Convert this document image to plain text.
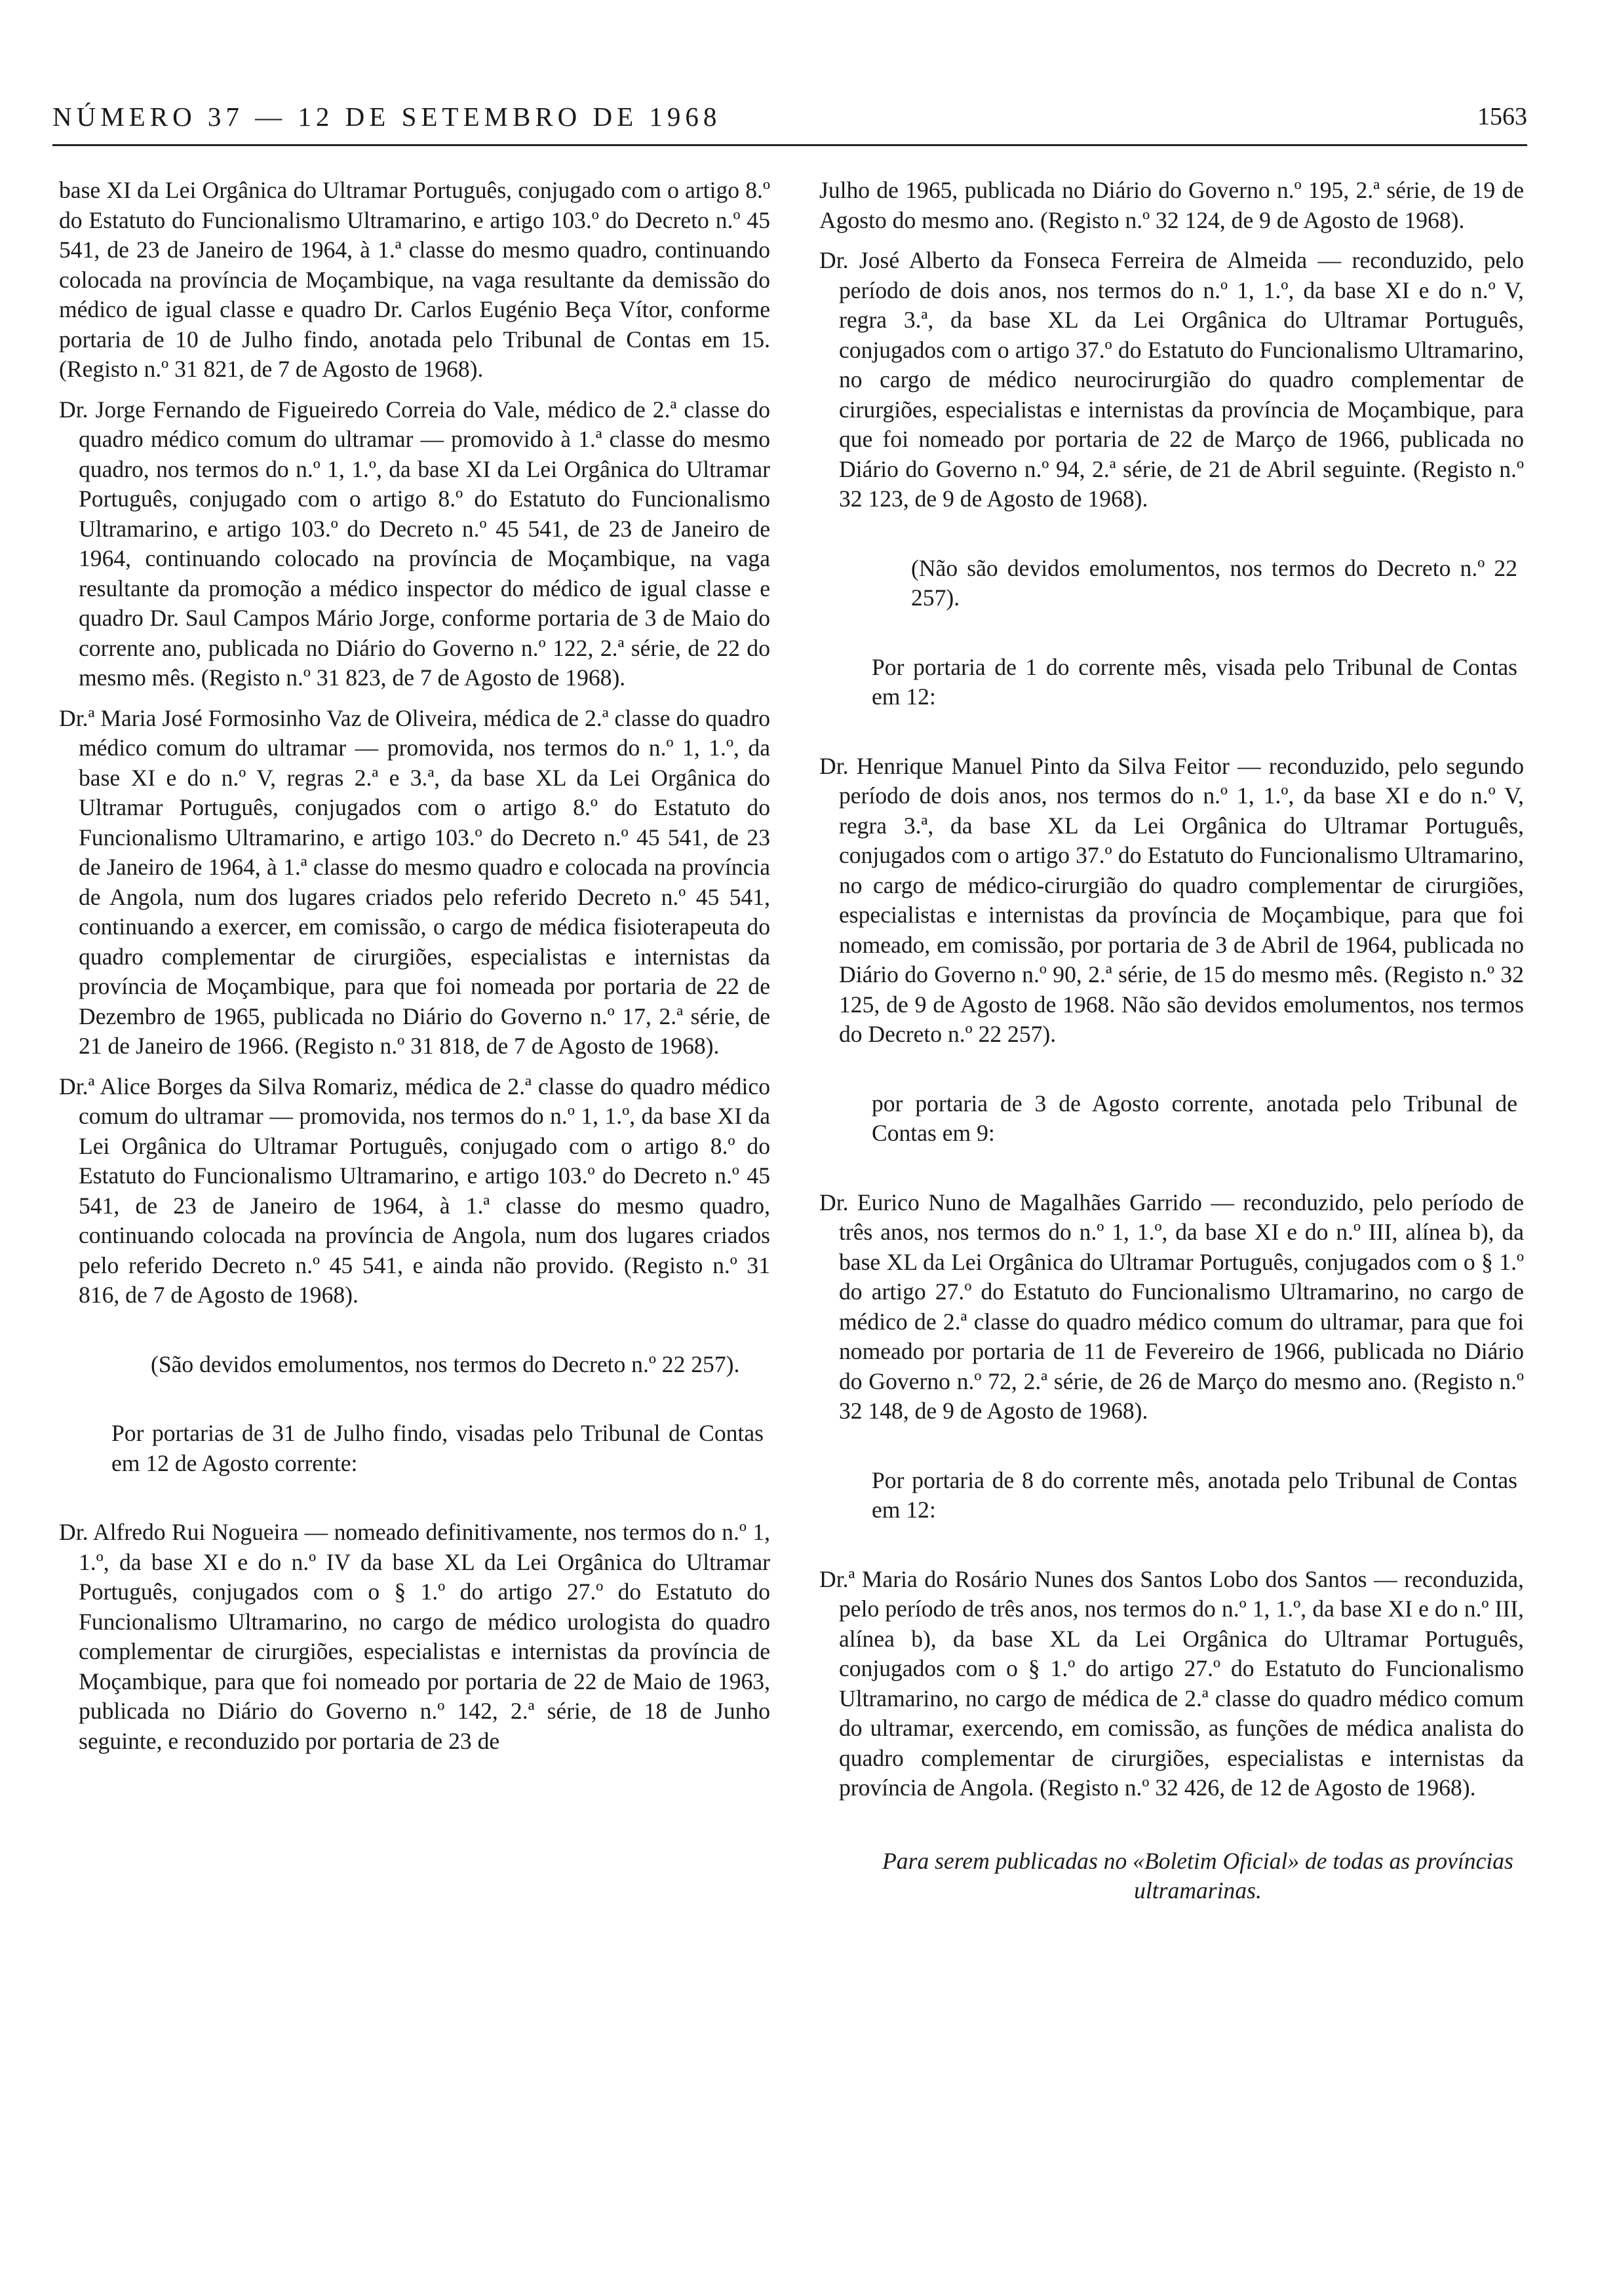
NÚMERO 37 — 12 DE SETEMBRO DE 1968	1563

base XI da Lei Orgânica do Ultramar Português, conjugado com o artigo 8.º do Estatuto do Funcionalismo Ultramarino, e artigo 103.º do Decreto n.º 45 541, de 23 de Janeiro de 1964, à 1.ª classe do mesmo quadro, continuando colocada na província de Moçambique, na vaga resultante da demissão do médico de igual classe e quadro Dr. Carlos Eugénio Beça Vítor, conforme portaria de 10 de Julho findo, anotada pelo Tribunal de Contas em 15. (Registo n.º 31 821, de 7 de Agosto de 1968).

Dr. Jorge Fernando de Figueiredo Correia do Vale, médico de 2.ª classe do quadro médico comum do ultramar — promovido à 1.ª classe do mesmo quadro, nos termos do n.º 1, 1.º, da base XI da Lei Orgânica do Ultramar Português, conjugado com o artigo 8.º do Estatuto do Funcionalismo Ultramarino, e artigo 103.º do Decreto n.º 45 541, de 23 de Janeiro de 1964, continuando colocado na província de Moçambique, na vaga resultante da promoção a médico inspector do médico de igual classe e quadro Dr. Saul Campos Mário Jorge, conforme portaria de 3 de Maio do corrente ano, publicada no Diário do Governo n.º 122, 2.ª série, de 22 do mesmo mês. (Registo n.º 31 823, de 7 de Agosto de 1968).

Dr.ª Maria José Formosinho Vaz de Oliveira, médica de 2.ª classe do quadro médico comum do ultramar — promovida, nos termos do n.º 1, 1.º, da base XI e do n.º V, regras 2.ª e 3.ª, da base XL da Lei Orgânica do Ultramar Português, conjugados com o artigo 8.º do Estatuto do Funcionalismo Ultramarino, e artigo 103.º do Decreto n.º 45 541, de 23 de Janeiro de 1964, à 1.ª classe do mesmo quadro e colocada na província de Angola, num dos lugares criados pelo referido Decreto n.º 45 541, continuando a exercer, em comissão, o cargo de médica fisioterapeuta do quadro complementar de cirurgiões, especialistas e internistas da província de Moçambique, para que foi nomeada por portaria de 22 de Dezembro de 1965, publicada no Diário do Governo n.º 17, 2.ª série, de 21 de Janeiro de 1966. (Registo n.º 31 818, de 7 de Agosto de 1968).

Dr.ª Alice Borges da Silva Romariz, médica de 2.ª classe do quadro médico comum do ultramar — promovida, nos termos do n.º 1, 1.º, da base XI da Lei Orgânica do Ultramar Português, conjugado com o artigo 8.º do Estatuto do Funcionalismo Ultramarino, e artigo 103.º do Decreto n.º 45 541, de 23 de Janeiro de 1964, à 1.ª classe do mesmo quadro, continuando colocada na província de Angola, num dos lugares criados pelo referido Decreto n.º 45 541, e ainda não provido. (Registo n.º 31 816, de 7 de Agosto de 1968).

(São devidos emolumentos, nos termos do Decreto n.º 22 257).

Por portarias de 31 de Julho findo, visadas pelo Tribunal de Contas em 12 de Agosto corrente:

Dr. Alfredo Rui Nogueira — nomeado definitivamente, nos termos do n.º 1, 1.º, da base XI e do n.º IV da base XL da Lei Orgânica do Ultramar Português, conjugados com o § 1.º do artigo 27.º do Estatuto do Funcionalismo Ultramarino, no cargo de médico urologista do quadro complementar de cirurgiões, especialistas e internistas da província de Moçambique, para que foi nomeado por portaria de 22 de Maio de 1963, publicada no Diário do Governo n.º 142, 2.ª série, de 18 de Junho seguinte, e reconduzido por portaria de 23 de

Julho de 1965, publicada no Diário do Governo n.º 195, 2.ª série, de 19 de Agosto do mesmo ano. (Registo n.º 32 124, de 9 de Agosto de 1968).

Dr. José Alberto da Fonseca Ferreira de Almeida — reconduzido, pelo período de dois anos, nos termos do n.º 1, 1.º, da base XI e do n.º V, regra 3.ª, da base XL da Lei Orgânica do Ultramar Português, conjugados com o artigo 37.º do Estatuto do Funcionalismo Ultramarino, no cargo de médico neurocirurgião do quadro complementar de cirurgiões, especialistas e internistas da província de Moçambique, para que foi nomeado por portaria de 22 de Março de 1966, publicada no Diário do Governo n.º 94, 2.ª série, de 21 de Abril seguinte. (Registo n.º 32 123, de 9 de Agosto de 1968).

(Não são devidos emolumentos, nos termos do Decreto n.º 22 257).

Por portaria de 1 do corrente mês, visada pelo Tribunal de Contas em 12:

Dr. Henrique Manuel Pinto da Silva Feitor — reconduzido, pelo segundo período de dois anos, nos termos do n.º 1, 1.º, da base XI e do n.º V, regra 3.ª, da base XL da Lei Orgânica do Ultramar Português, conjugados com o artigo 37.º do Estatuto do Funcionalismo Ultramarino, no cargo de médico-cirurgião do quadro complementar de cirurgiões, especialistas e internistas da província de Moçambique, para que foi nomeado, em comissão, por portaria de 3 de Abril de 1964, publicada no Diário do Governo n.º 90, 2.ª série, de 15 do mesmo mês. (Registo n.º 32 125, de 9 de Agosto de 1968. Não são devidos emolumentos, nos termos do Decreto n.º 22 257).

por portaria de 3 de Agosto corrente, anotada pelo Tribunal de Contas em 9:

Dr. Eurico Nuno de Magalhães Garrido — reconduzido, pelo período de três anos, nos termos do n.º 1, 1.º, da base XI e do n.º III, alínea b), da base XL da Lei Orgânica do Ultramar Português, conjugados com o § 1.º do artigo 27.º do Estatuto do Funcionalismo Ultramarino, no cargo de médico de 2.ª classe do quadro médico comum do ultramar, para que foi nomeado por portaria de 11 de Fevereiro de 1966, publicada no Diário do Governo n.º 72, 2.ª série, de 26 de Março do mesmo ano. (Registo n.º 32 148, de 9 de Agosto de 1968).

Por portaria de 8 do corrente mês, anotada pelo Tribunal de Contas em 12:

Dr.ª Maria do Rosário Nunes dos Santos Lobo dos Santos — reconduzida, pelo período de três anos, nos termos do n.º 1, 1.º, da base XI e do n.º III, alínea b), da base XL da Lei Orgânica do Ultramar Português, conjugados com o § 1.º do artigo 27.º do Estatuto do Funcionalismo Ultramarino, no cargo de médica de 2.ª classe do quadro médico comum do ultramar, exercendo, em comissão, as funções de médica analista do quadro complementar de cirurgiões, especialistas e internistas da província de Angola. (Registo n.º 32 426, de 12 de Agosto de 1968).

Para serem publicadas no «Boletim Oficial» de todas as províncias ultramarinas.
